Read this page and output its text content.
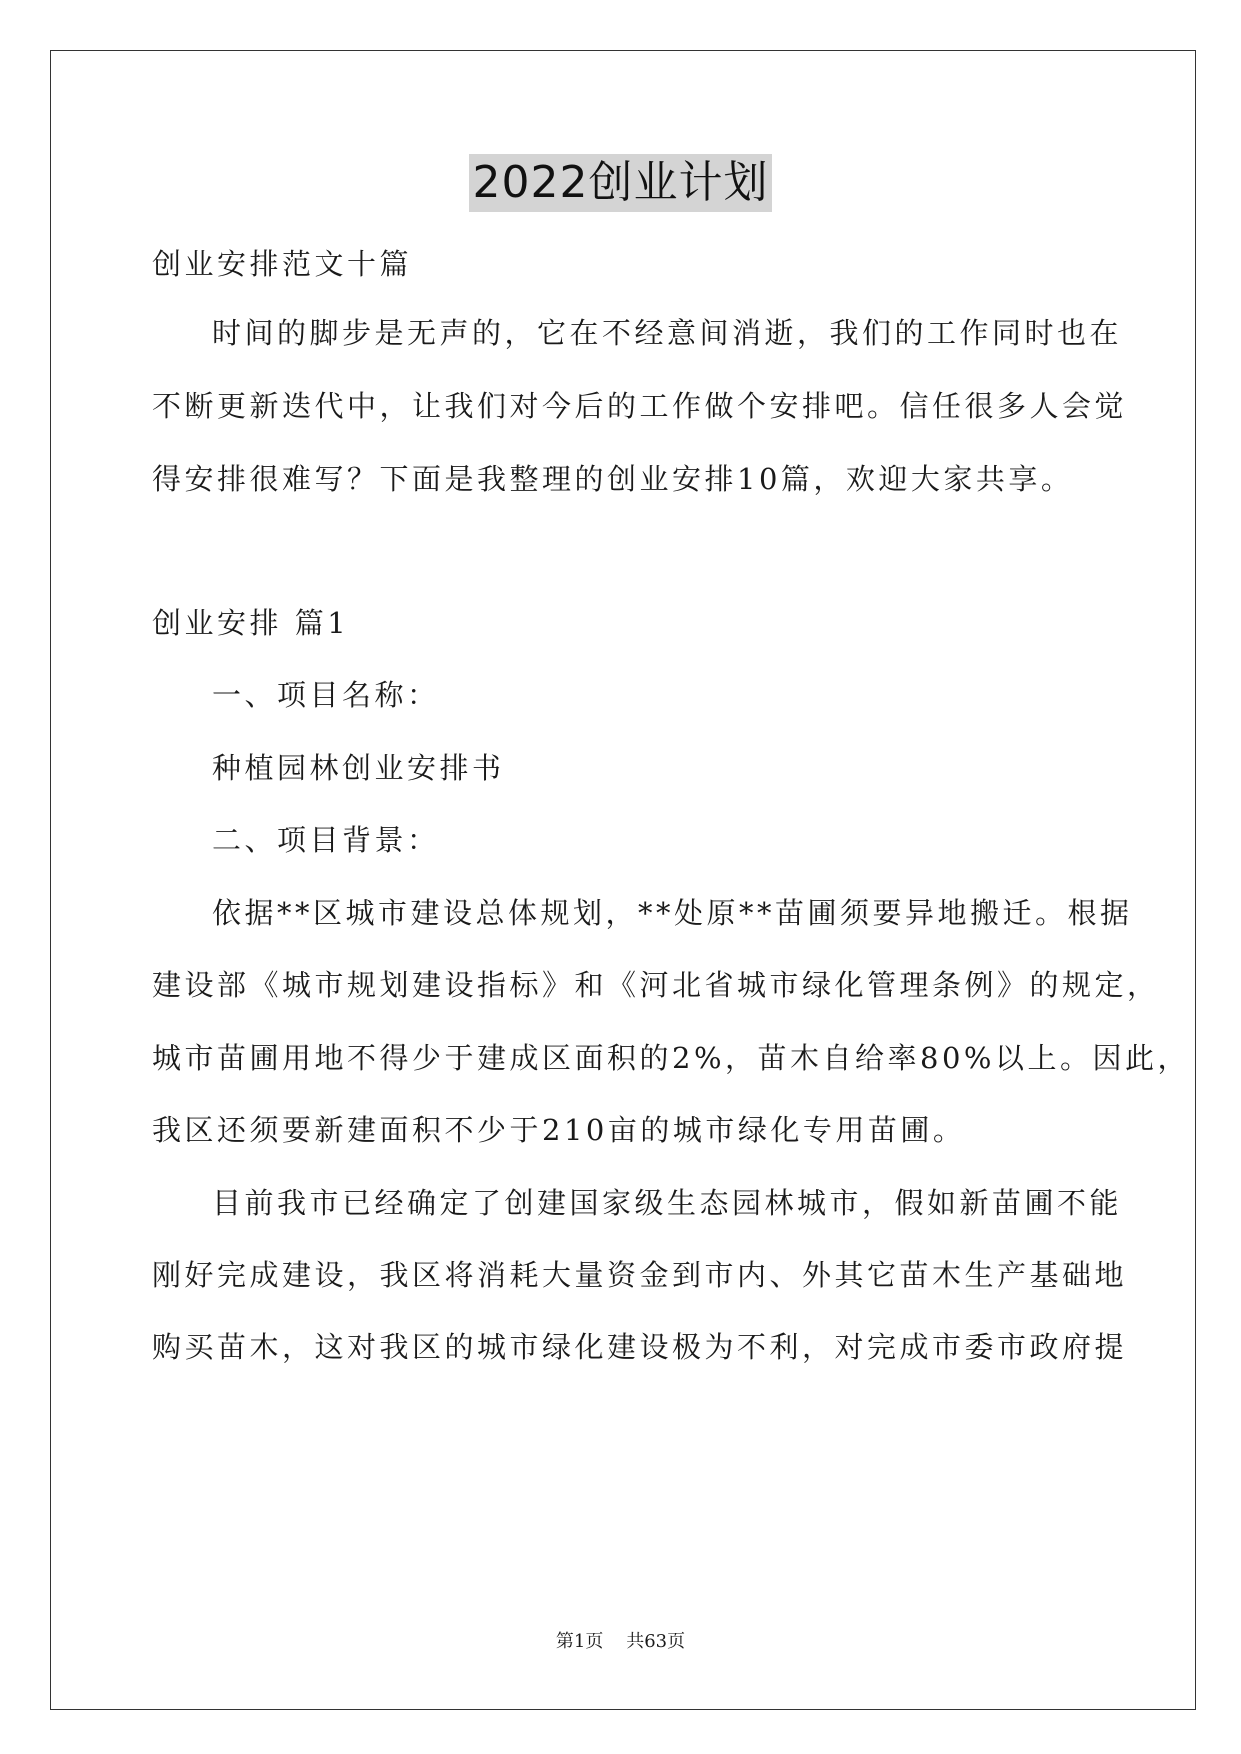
2022创业计划
创业安排范文十篇
时间的脚步是无声的，它在不经意间消逝，我们的工作同时也在
不断更新迭代中，让我们对今后的工作做个安排吧。信任很多人会觉
得安排很难写？下面是我整理的创业安排10篇，欢迎大家共享。
创业安排 篇1
一、项目名称：
种植园林创业安排书
二、项目背景：
依据**区城市建设总体规划，**处原**苗圃须要异地搬迁。根据
建设部《城市规划建设指标》和《河北省城市绿化管理条例》的规定，
城市苗圃用地不得少于建成区面积的2%，苗木自给率80%以上。因此，
我区还须要新建面积不少于210亩的城市绿化专用苗圃。
目前我市已经确定了创建国家级生态园林城市，假如新苗圃不能
刚好完成建设，我区将消耗大量资金到市内、外其它苗木生产基础地
购买苗木，这对我区的城市绿化建设极为不利，对完成市委市政府提
第1页 共63页
